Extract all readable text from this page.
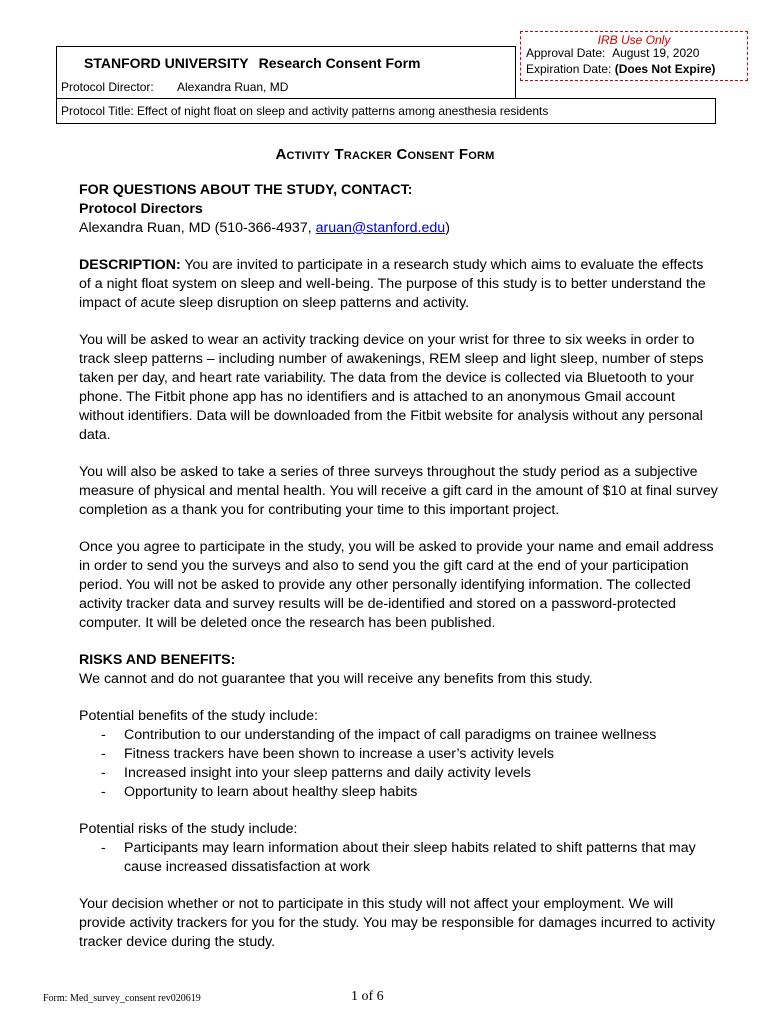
IRB Use Only
Approval Date: August 19, 2020
Expiration Date: (Does Not Expire)
STANFORD UNIVERSITY Research Consent Form
Protocol Director: Alexandra Ruan, MD
Protocol Title: Effect of night float on sleep and activity patterns among anesthesia residents
Activity Tracker Consent Form
FOR QUESTIONS ABOUT THE STUDY, CONTACT:
Protocol Directors
Alexandra Ruan, MD (510-366-4937, aruan@stanford.edu)

DESCRIPTION: You are invited to participate in a research study which aims to evaluate the effects of a night float system on sleep and well-being. The purpose of this study is to better understand the impact of acute sleep disruption on sleep patterns and activity.

You will be asked to wear an activity tracking device on your wrist for three to six weeks in order to track sleep patterns – including number of awakenings, REM sleep and light sleep, number of steps taken per day, and heart rate variability. The data from the device is collected via Bluetooth to your phone. The Fitbit phone app has no identifiers and is attached to an anonymous Gmail account without identifiers. Data will be downloaded from the Fitbit website for analysis without any personal data.

You will also be asked to take a series of three surveys throughout the study period as a subjective measure of physical and mental health. You will receive a gift card in the amount of $10 at final survey completion as a thank you for contributing your time to this important project.

Once you agree to participate in the study, you will be asked to provide your name and email address in order to send you the surveys and also to send you the gift card at the end of your participation period. You will not be asked to provide any other personally identifying information. The collected activity tracker data and survey results will be de-identified and stored on a password-protected computer. It will be deleted once the research has been published.

RISKS AND BENEFITS:
We cannot and do not guarantee that you will receive any benefits from this study.
Potential benefits of the study include:
- Contribution to our understanding of the impact of call paradigms on trainee wellness
- Fitness trackers have been shown to increase a user’s activity levels
- Increased insight into your sleep patterns and daily activity levels
- Opportunity to learn about healthy sleep habits
Potential risks of the study include:
- Participants may learn information about their sleep habits related to shift patterns that may cause increased dissatisfaction at work

Your decision whether or not to participate in this study will not affect your employment. We will provide activity trackers for you for the study. You may be responsible for damages incurred to activity tracker device during the study.

Form: Med_survey_consent rev020619	1 of 6
